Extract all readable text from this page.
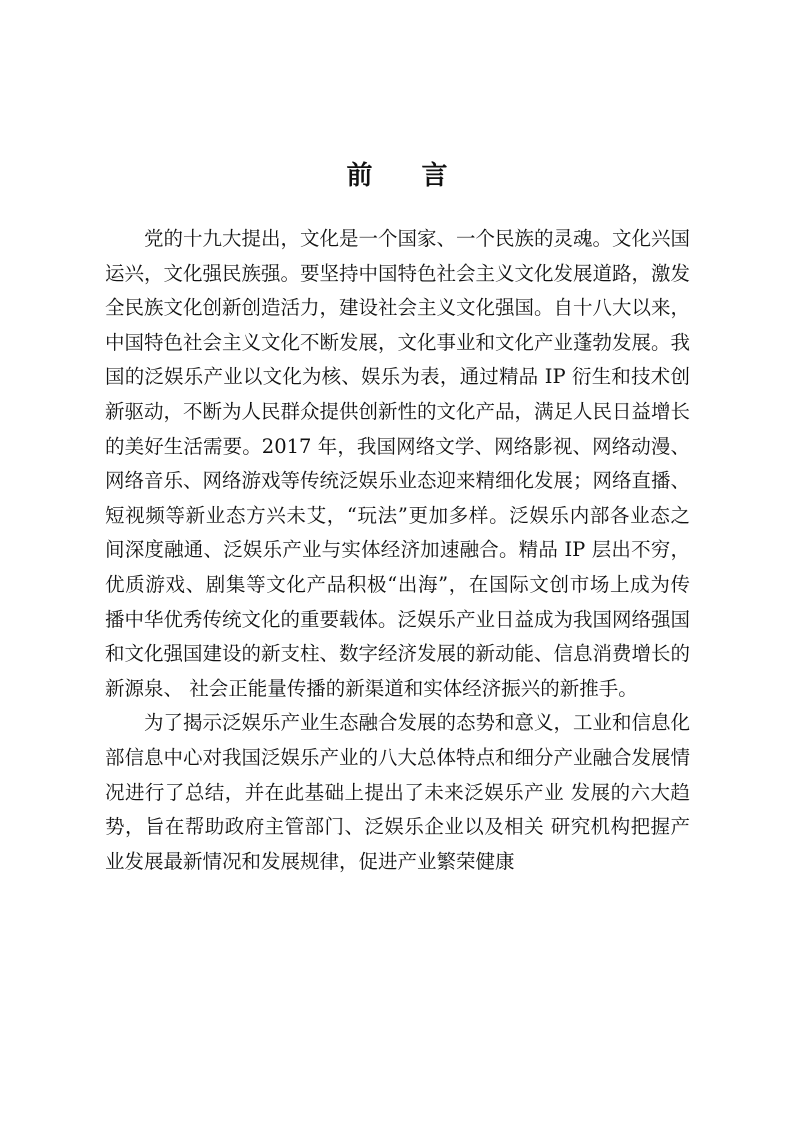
前 言

党的十九大提出，文化是一个国家、一个民族的灵魂。文化兴国运兴，文化强民族强。要坚持中国特色社会主义文化发展道路，激发全民族文化创新创造活力，建设社会主义文化强国。自十八大以来，中国特色社会主义文化不断发展，文化事业和文化产业蓬勃发展。我国的泛娱乐产业以文化为核、娱乐为表，通过精品 IP 衍生和技术创新驱动，不断为人民群众提供创新性的文化产品，满足人民日益增长的美好生活需要。2017 年，我国网络文学、网络影视、网络动漫、网络音乐、网络游戏等传统泛娱乐业态迎来精细化发展；网络直播、短视频等新业态方兴未艾，“玩法”更加多样。泛娱乐内部各业态之间深度融通、泛娱乐产业与实体经济加速融合。精品 IP 层出不穷，优质游戏、剧集等文化产品积极“出海”，在国际文创市场上成为传播中华优秀传统文化的重要载体。泛娱乐产业日益成为我国网络强国和文化强国建设的新支柱、数字经济发展的新动能、信息消费增长的新源泉、 社会正能量传播的新渠道和实体经济振兴的新推手。

为了揭示泛娱乐产业生态融合发展的态势和意义，工业和信息化部信息中心对我国泛娱乐产业的八大总体特点和细分产业融合发展情况进行了总结，并在此基础上提出了未来泛娱乐产业 发展的六大趋势，旨在帮助政府主管部门、泛娱乐企业以及相关 研究机构把握产业发展最新情况和发展规律，促进产业繁荣健康
